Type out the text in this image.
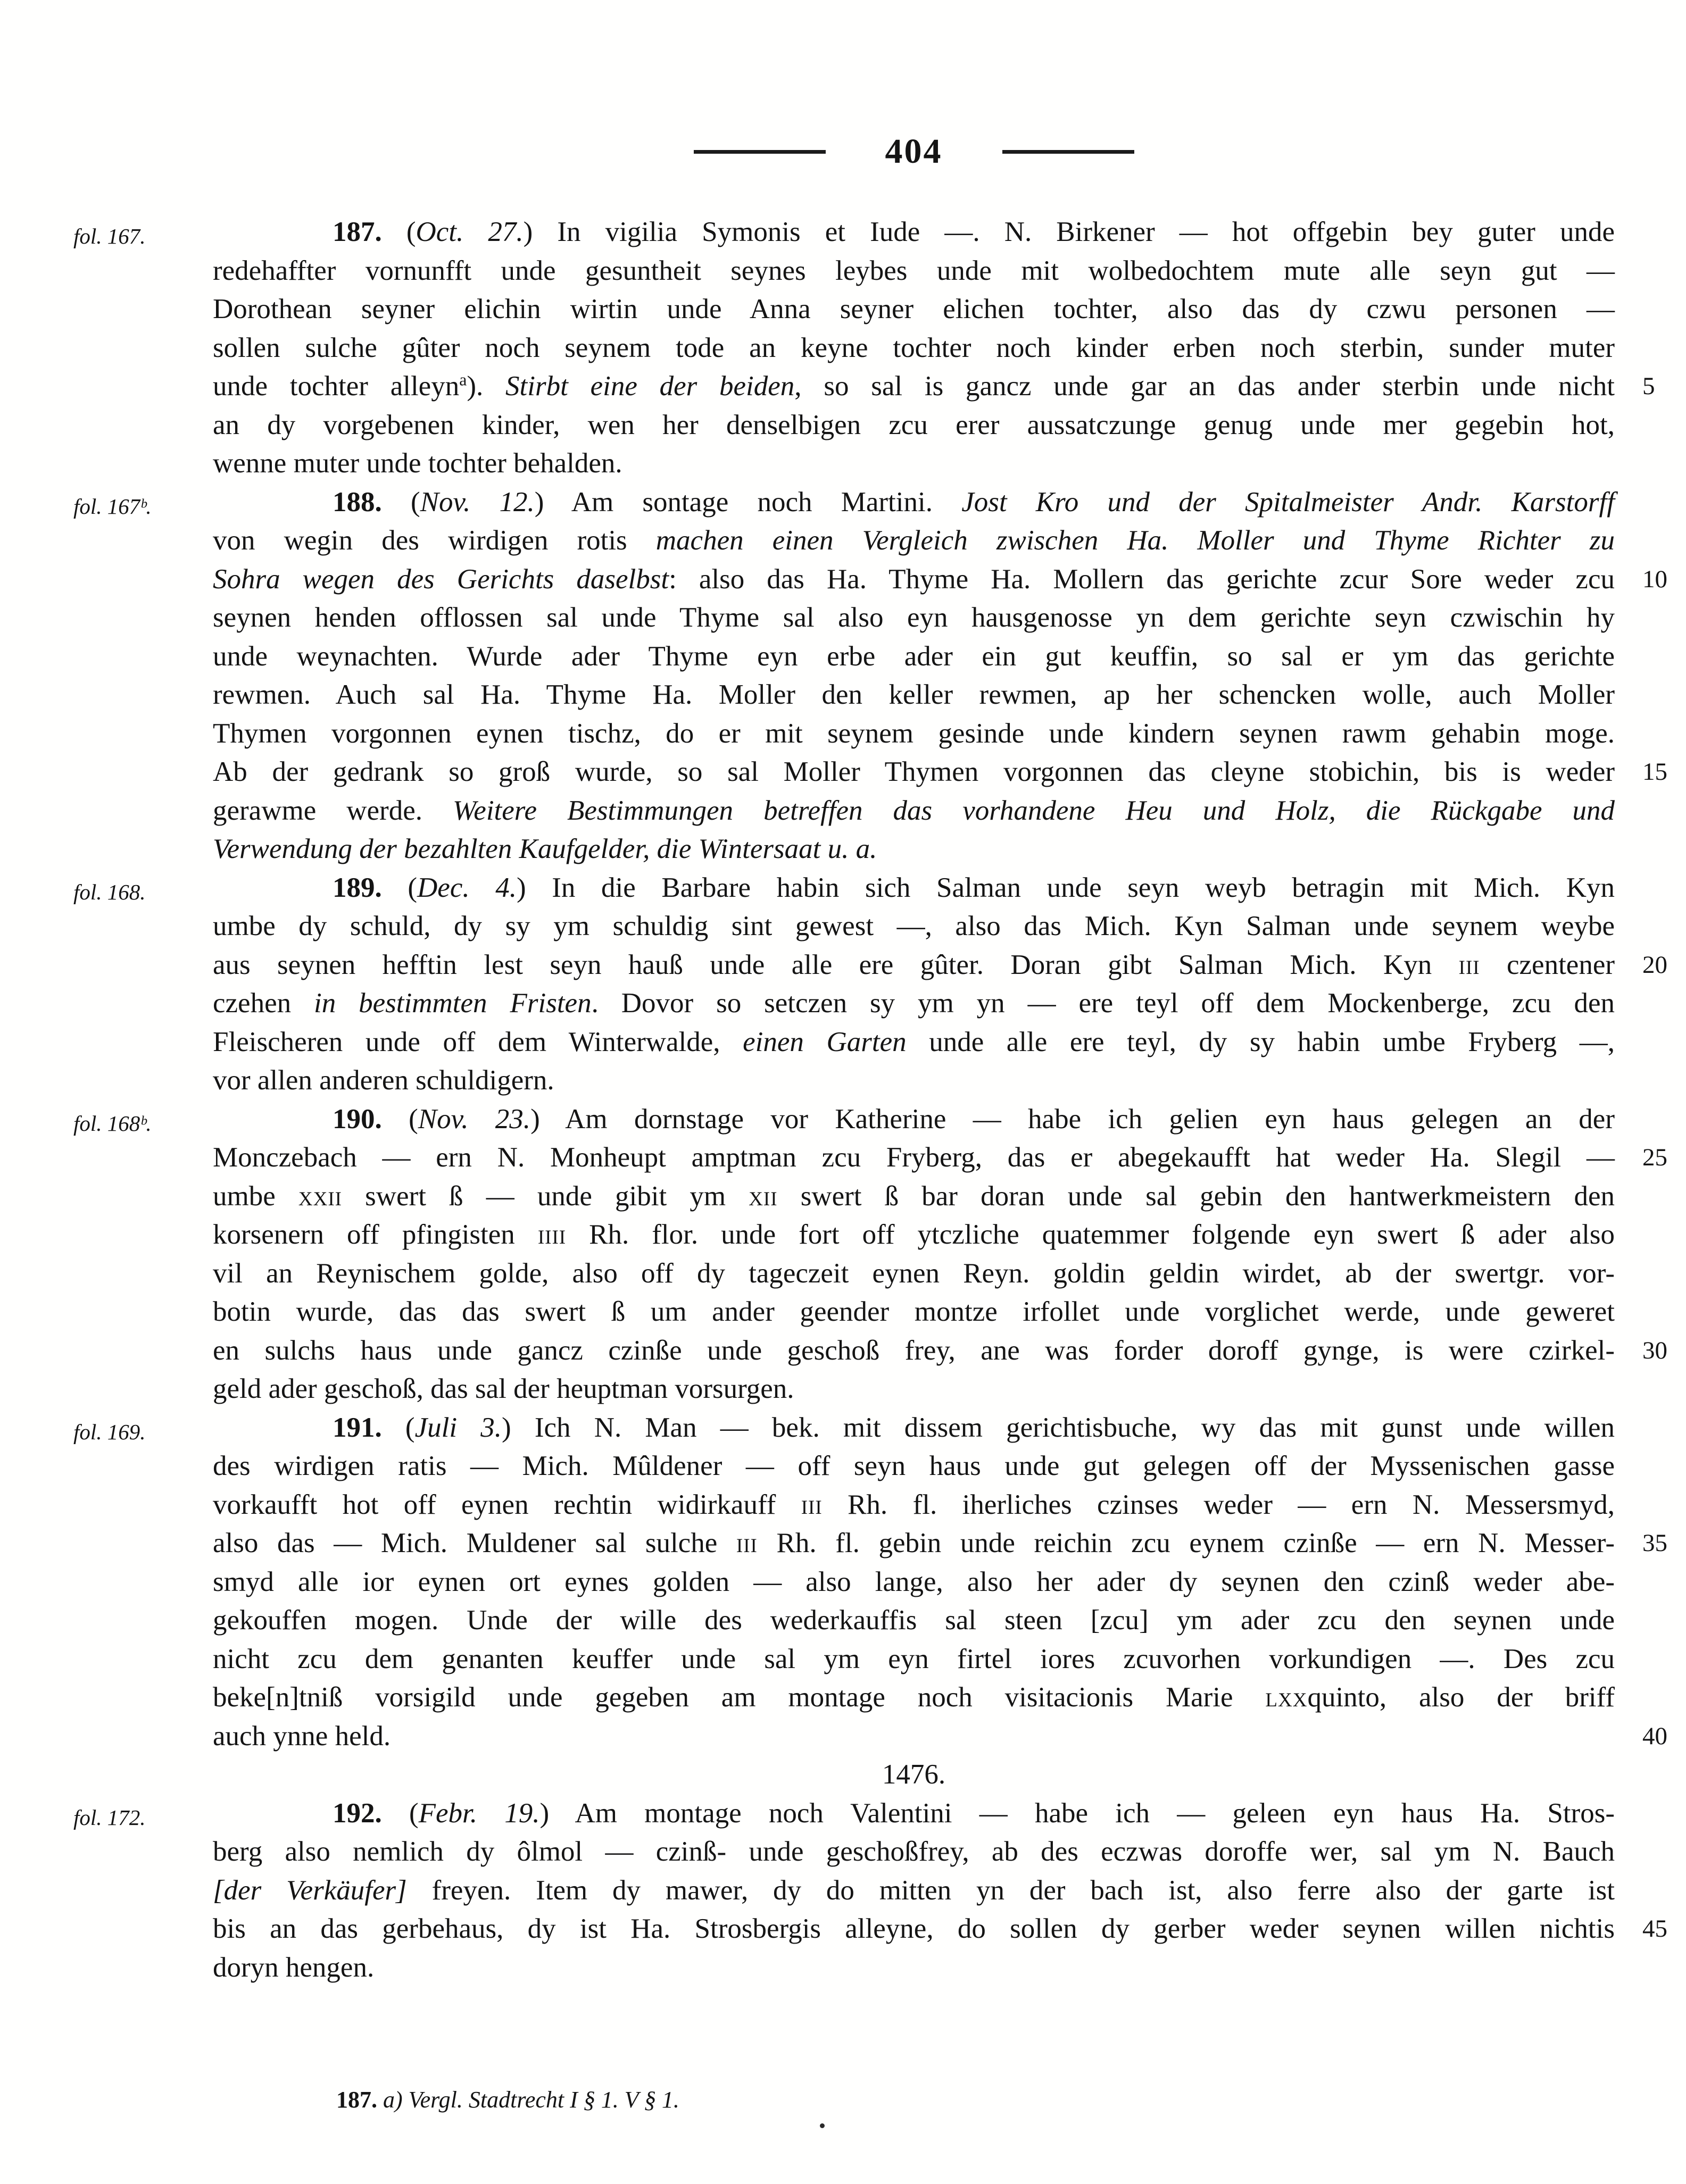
404
fol. 167.	187. (Oct. 27.) In vigilia Symonis et Iude —. N. Birkener — hot offgebin bey guter unde
redehaffter vornunfft unde gesuntheit seynes leybes unde mit wolbedochtem mute alle seyn gut —
Dorothean seyner elichin wirtin unde Anna seyner elichen tochter, also das dy czwu personen —
sollen sulche gûter noch seynem tode an keyne tochter noch kinder erben noch sterbin, sunder muter
unde tochter alleyn$^a$). Stirbt eine der beiden, so sal is gancz unde gar an das ander sterbin unde nicht 5
an dy vorgebenen kinder, wen her denselbigen zcu erer aussatczunge genug unde mer gegebin hot,
wenne muter unde tochter behalden.
fol. 167ᵇ.	188. (Nov. 12.) Am sontage noch Martini. Jost Kro und der Spitalmeister Andr. Karstorff
von wegin des wirdigen rotis machen einen Vergleich zwischen Ha. Moller und Thyme Richter zu
Sohra wegen des Gerichts daselbst: also das Ha. Thyme Ha. Mollern das gerichte zcur Sore weder zcu 10
seynen henden offlossen sal unde Thyme sal also eyn hausgenosse yn dem gerichte seyn czwischin hy
unde weynachten. Wurde ader Thyme eyn erbe ader ein gut keuffin, so sal er ym das gerichte
rewmen. Auch sal Ha. Thyme Ha. Moller den keller rewmen, ap her schencken wolle, auch Moller
Thymen vorgonnen eynen tischz, do er mit seynem gesinde unde kindern seynen rawm gehabin moge.
Ab der gedrank so groß wurde, so sal Moller Thymen vorgonnen das cleyne stobichin, bis is weder 15
gerawme werde. Weitere Bestimmungen betreffen das vorhandene Heu und Holz, die Rückgabe und
Verwendung der bezahlten Kaufgelder, die Wintersaat u. a.
fol. 168.	189. (Dec. 4.) In die Barbare habin sich Salman unde seyn weyb betragin mit Mich. Kyn
umbe dy schuld, dy sy ym schuldig sint gewest —, also das Mich. Kyn Salman unde seynem weybe
aus seynen hefftin lest seyn hauß unde alle ere gûter. Doran gibt Salman Mich. Kyn iii czentener 20
czehen in bestimmten Fristen. Dovor so setczen sy ym yn — ere teyl off dem Mockenberge, zcu den
Fleischeren unde off dem Winterwalde, einen Garten unde alle ere teyl, dy sy habin umbe Fryberg —,
vor allen anderen schuldigern.
fol. 168ᵇ.	190. (Nov. 23.) Am dornstage vor Katherine — habe ich gelien eyn haus gelegen an der
Monczebach — ern N. Monheupt amptman zcu Fryberg, das er abegekaufft hat weder Ha. Slegil — 25
umbe xxii swert ß — unde gibit ym xii swert ß bar doran unde sal gebin den hantwerkmeistern den
korsenern off pfingisten iiii Rh. flor. unde fort off ytczliche quatemmer folgende eyn swert ß ader also
vil an Reynischem golde, also off dy tageczeit eynen Reyn. goldin geldin wirdet, ab der swertgr. vor-
botin wurde, das das swert ß um ander geender montze irfollet unde vorglichet werde, unde geweret
en sulchs haus unde gancz czinße unde geschoß frey, ane was forder doroff gynge, is were czirkel- 30
geld ader geschoß, das sal der heuptman vorsurgen.
fol. 169.	191. (Juli 3.) Ich N. Man — bek. mit dissem gerichtisbuche, wy das mit gunst unde willen
des wirdigen ratis — Mich. Mûldener — off seyn haus unde gut gelegen off der Myssenischen gasse
vorkaufft hot off eynen rechtin widirkauff iii Rh. fl. iherliches czinses weder — ern N. Messersmyd,
also das — Mich. Muldener sal sulche iii Rh. fl. gebin unde reichin zcu eynem czinße — ern N. Messer- 35
smyd alle ior eynen ort eynes golden — also lange, also her ader dy seynen den czinß weder abe-
gekouffen mogen. Unde der wille des wederkauffis sal steen [zcu] ym ader zcu den seynen unde
nicht zcu dem genanten keuffer unde sal ym eyn firtel iores zcuvorhen vorkundigen —. Des zcu
beke[n]tniß vorsigild unde gegeben am montage noch visitacionis Marie lxxquinto, also der briff
auch ynne held.	40
1476.
fol. 172.	192. (Febr. 19.) Am montage noch Valentini — habe ich — geleen eyn haus Ha. Stros-
berg also nemlich dy ôlmol — czinß- unde geschoßfrey, ab des eczwas doroffe wer, sal ym N. Bauch
[der Verkäufer] freyen. Item dy mawer, dy do mitten yn der bach ist, also ferre also der garte ist
bis an das gerbehaus, dy ist Ha. Strosbergis alleyne, do sollen dy gerber weder seynen willen nichtis 45
doryn hengen.
187. a) Vergl. Stadtrecht I § 1. V § 1.
